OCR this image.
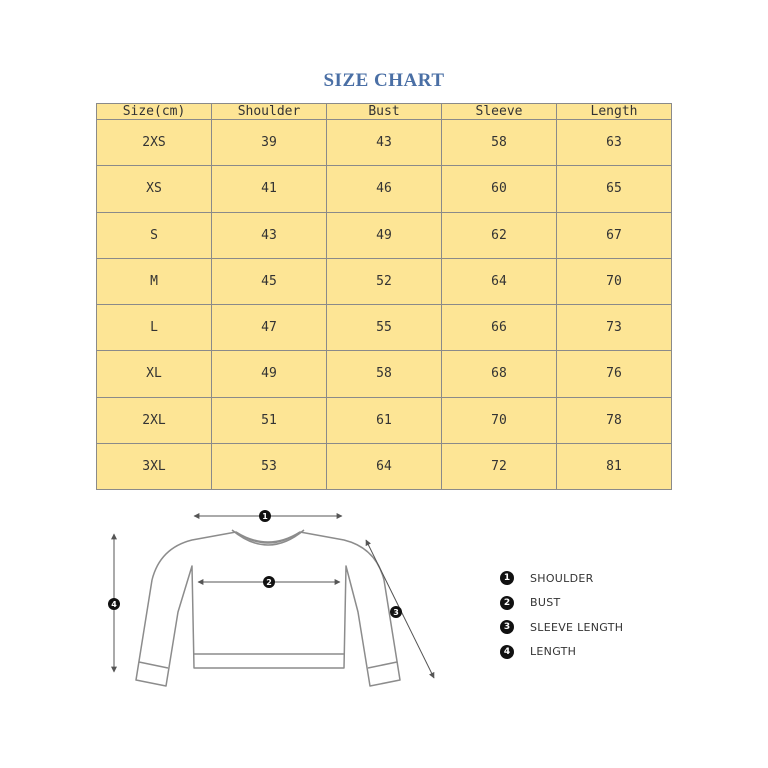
SIZE CHART
Size(cm)	Shoulder	Bust	Sleeve	Length
2XS	39	43	58	63
XS	41	46	60	65
S	43	49	62	67
M	45	52	64	70
L	47	55	66	73
XL	49	58	68	76
2XL	51	61	70	78
3XL	53	64	72	81
1
2
3
4
1	SHOULDER
2	BUST
3	SLEEVE LENGTH
4	LENGTH
